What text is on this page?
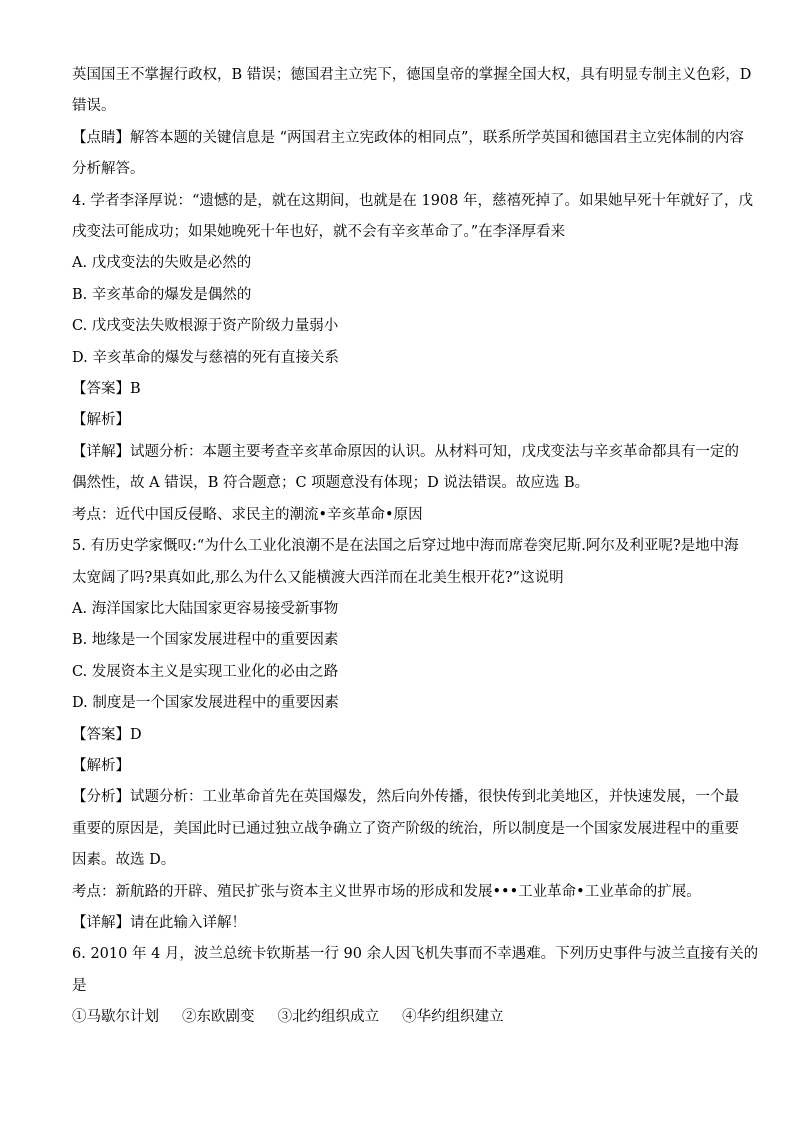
英国国王不掌握行政权，B 错误；德国君主立宪下，德国皇帝的掌握全国大权，具有明显专制主义色彩，D
错误。
【点睛】解答本题的关键信息是 “两国君主立宪政体的相同点”，联系所学英国和德国君主立宪体制的内容
分析解答。
4. 学者李泽厚说：“遗憾的是，就在这期间，也就是在 1908 年，慈禧死掉了。如果她早死十年就好了，戊
戌变法可能成功；如果她晚死十年也好，就不会有辛亥革命了。”在李泽厚看来
A. 戊戌变法的失败是必然的
B. 辛亥革命的爆发是偶然的
C. 戊戌变法失败根源于资产阶级力量弱小
D. 辛亥革命的爆发与慈禧的死有直接关系
【答案】B
【解析】
【详解】试题分析：本题主要考查辛亥革命原因的认识。从材料可知，戊戌变法与辛亥革命都具有一定的
偶然性，故 A 错误，B 符合题意；C 项题意没有体现；D 说法错误。故应选 B。
考点：近代中国反侵略、求民主的潮流•辛亥革命•原因
5. 有历史学家慨叹:“为什么工业化浪潮不是在法国之后穿过地中海而席卷突尼斯.阿尔及利亚呢?是地中海
太宽阔了吗?果真如此,那么为什么又能横渡大西洋而在北美生根开花?”这说明
A. 海洋国家比大陆国家更容易接受新事物
B. 地缘是一个国家发展进程中的重要因素
C. 发展资本主义是实现工业化的必由之路
D. 制度是一个国家发展进程中的重要因素
【答案】D
【解析】
【分析】试题分析：工业革命首先在英国爆发，然后向外传播，很快传到北美地区，并快速发展，一个最
重要的原因是，美国此时已通过独立战争确立了资产阶级的统治，所以制度是一个国家发展进程中的重要
因素。故选 D。
考点：新航路的开辟、殖民扩张与资本主义世界市场的形成和发展•••工业革命•工业革命的扩展。
【详解】请在此输入详解！
6. 2010 年 4 月，波兰总统卡钦斯基一行 90 余人因飞机失事而不幸遇难。下列历史事件与波兰直接有关的
是
①马歇尔计划     ②东欧剧变     ③北约组织成立     ④华约组织建立
